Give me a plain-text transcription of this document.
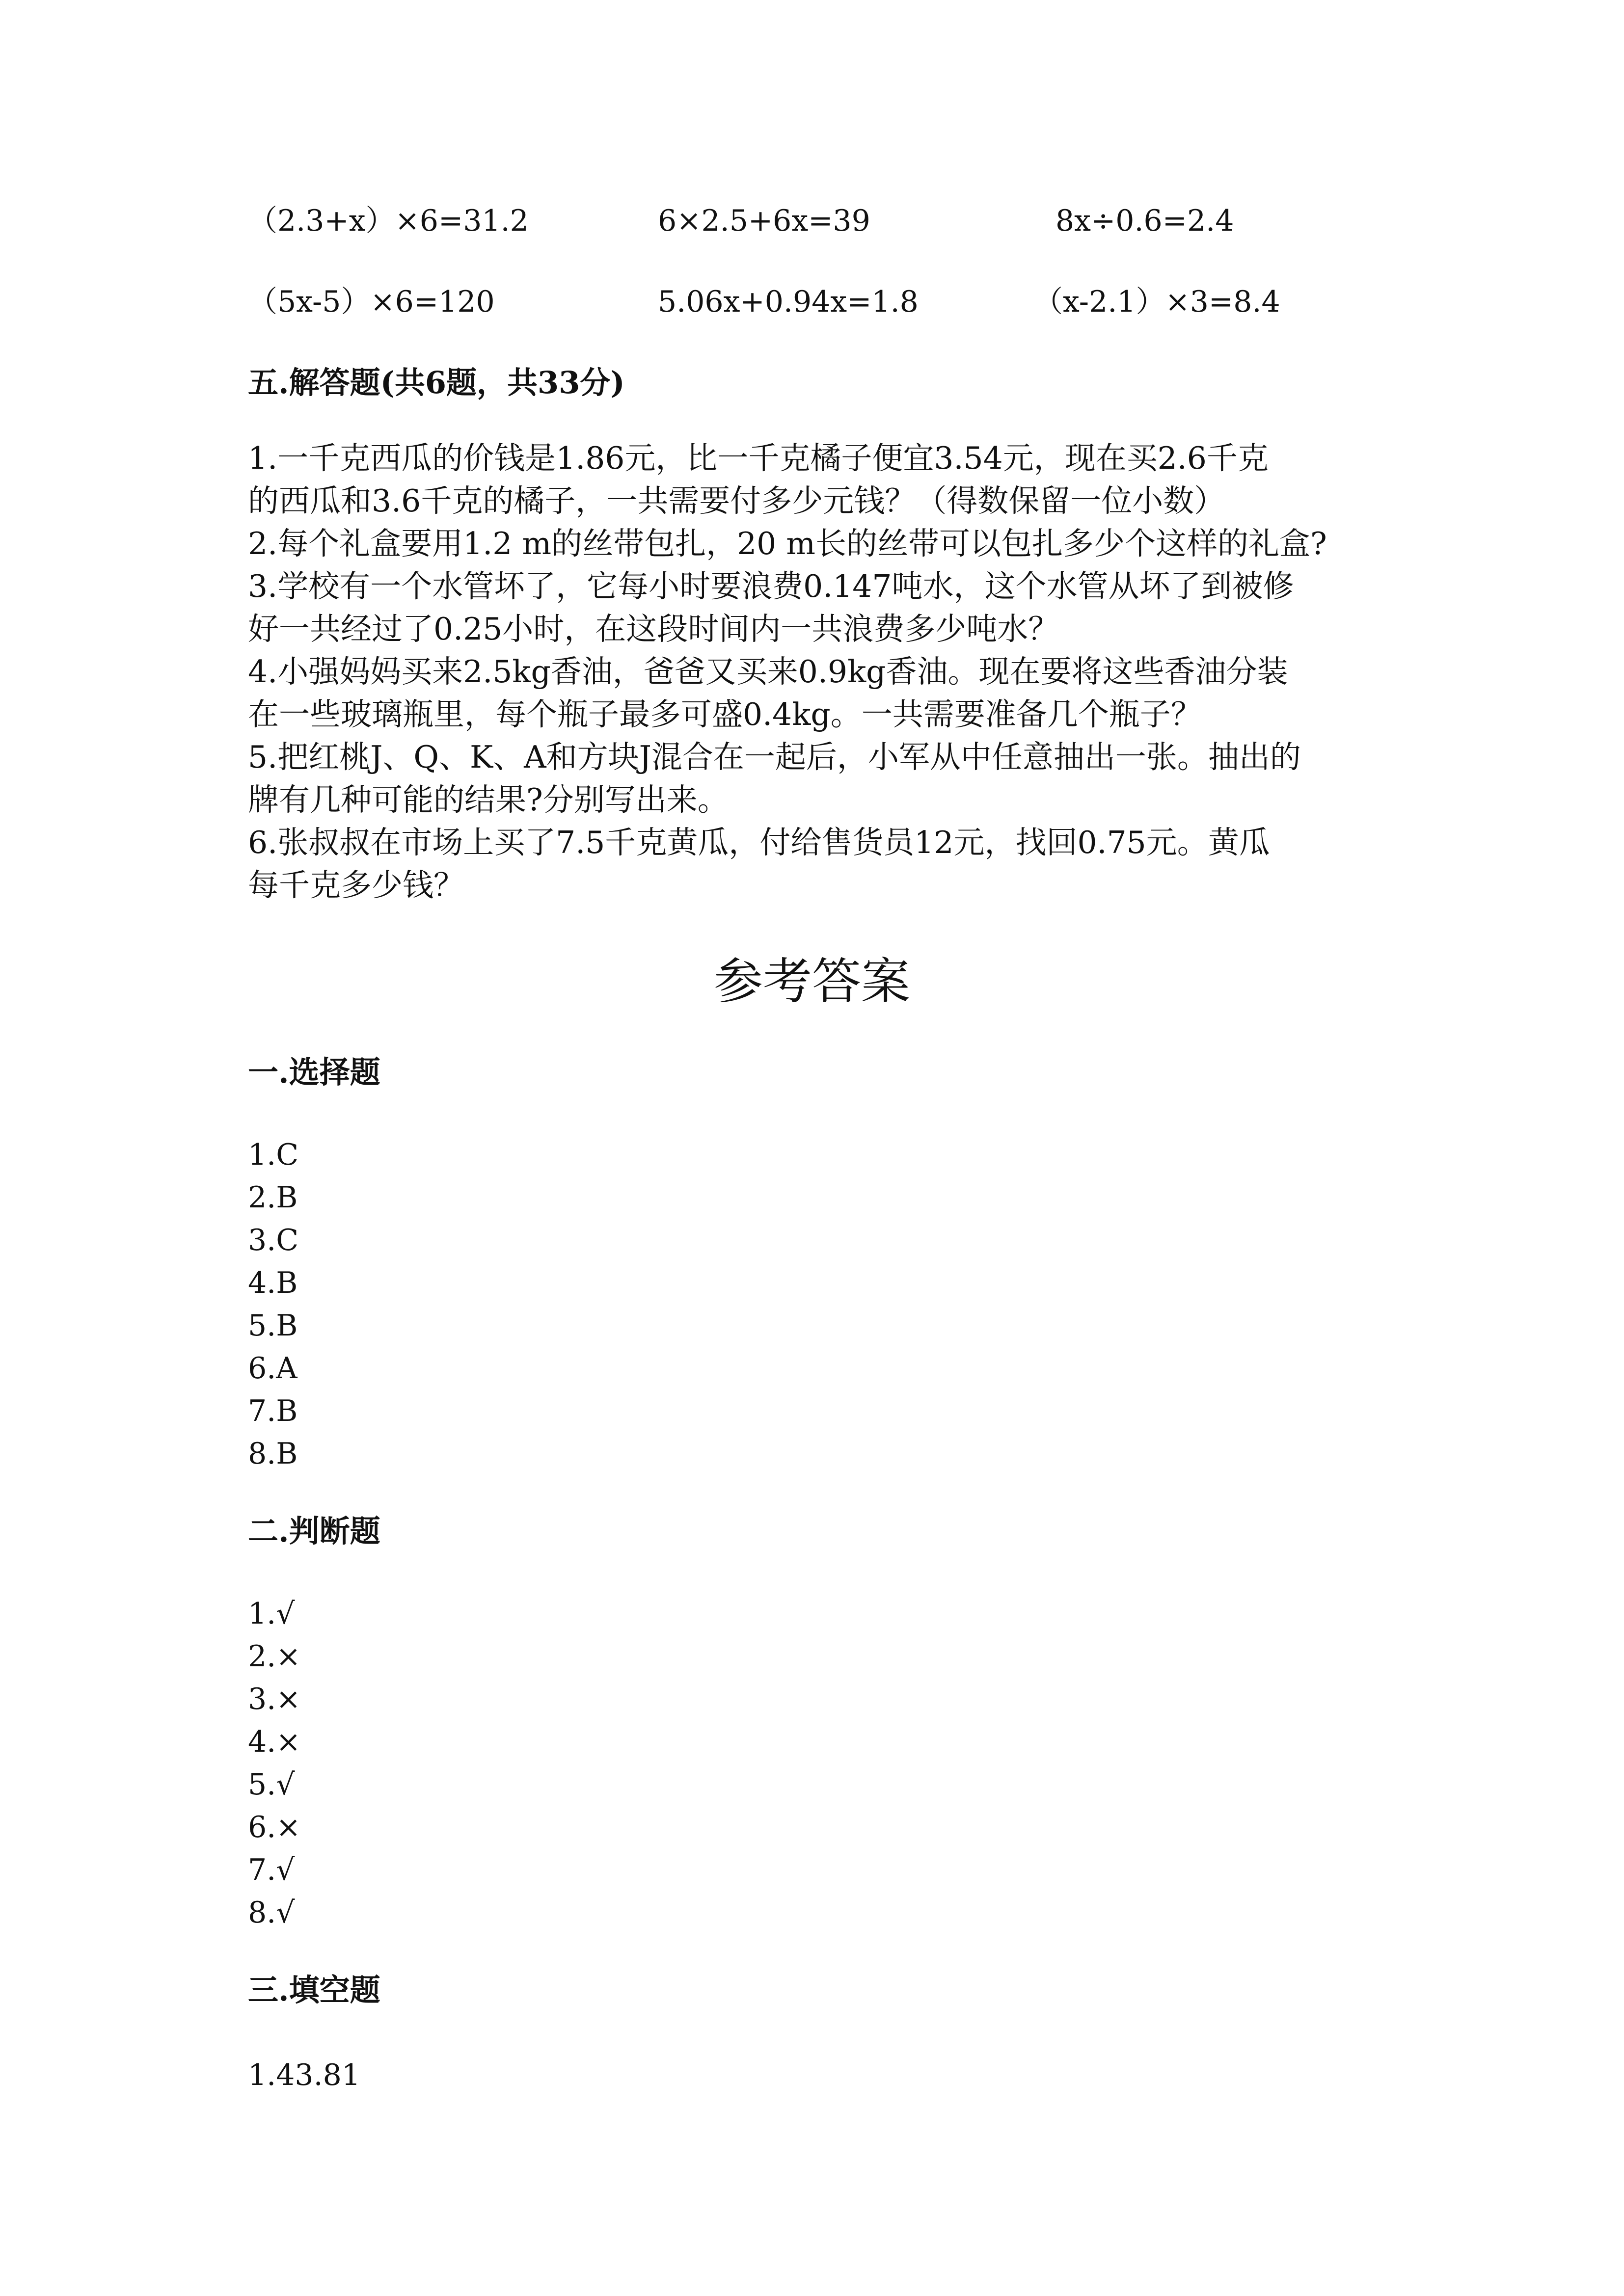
（2.3+x）×6=31.2	6×2.5+6x=39	8x÷0.6=2.4
（5x-5）×6=120	5.06x+0.94x=1.8	（x-2.1）×3=8.4
五.解答题(共6题，共33分)
1.一千克西瓜的价钱是1.86元，比一千克橘子便宜3.54元，现在买2.6千克
的西瓜和3.6千克的橘子，一共需要付多少元钱？（得数保留一位小数）
2.每个礼盒要用1.2 m的丝带包扎，20 m长的丝带可以包扎多少个这样的礼盒?
3.学校有一个水管坏了，它每小时要浪费0.147吨水，这个水管从坏了到被修
好一共经过了0.25小时，在这段时间内一共浪费多少吨水？
4.小强妈妈买来2.5kg香油，爸爸又买来0.9kg香油。现在要将这些香油分装
在一些玻璃瓶里，每个瓶子最多可盛0.4kg。一共需要准备几个瓶子？
5.把红桃J、Q、K、A和方块J混合在一起后，小军从中任意抽出一张。抽出的
牌有几种可能的结果?分别写出来。
6.张叔叔在市场上买了7.5千克黄瓜，付给售货员12元，找回0.75元。黄瓜
每千克多少钱？
参考答案
一.选择题
1.C
2.B
3.C
4.B
5.B
6.A
7.B
8.B
二.判断题
1.√
2.×
3.×
4.×
5.√
6.×
7.√
8.√
三.填空题
1.43.81
